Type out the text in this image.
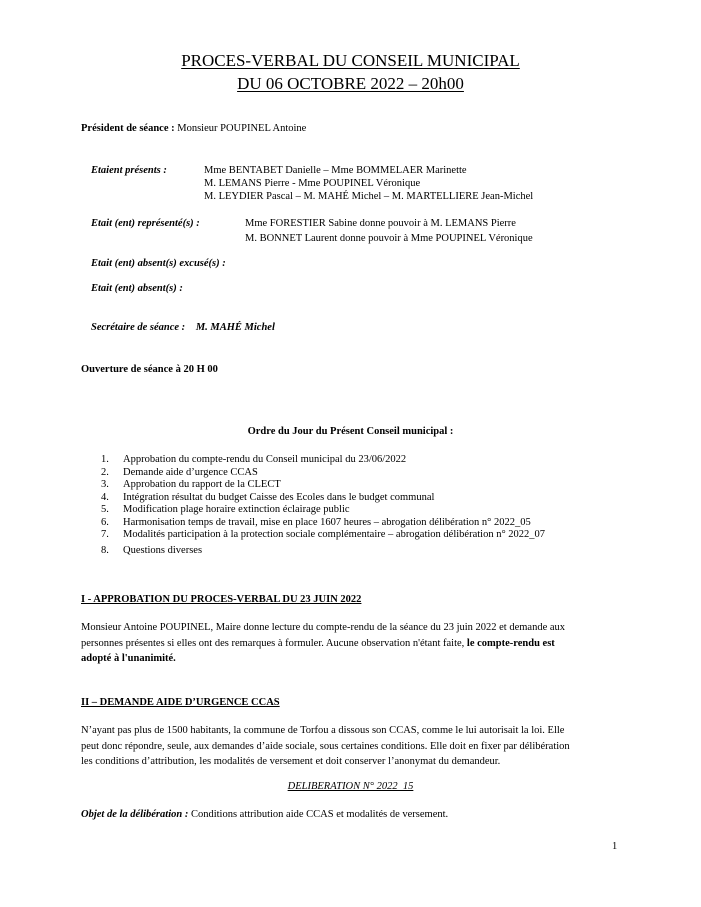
PROCES-VERBAL DU CONSEIL MUNICIPAL
DU 06 OCTOBRE 2022 – 20h00
Président de séance : Monsieur POUPINEL Antoine
Etaient présents :	Mme BENTABET Danielle – Mme BOMMELAER Marinette
M. LEMANS Pierre - Mme POUPINEL Véronique
M. LEYDIER Pascal – M. MAHÉ Michel – M. MARTELLIERE Jean-Michel
Etait (ent) représenté(s) :	Mme FORESTIER Sabine donne pouvoir à M. LEMANS Pierre
M. BONNET Laurent donne pouvoir à Mme POUPINEL Véronique
Etait (ent) absent(s) excusé(s) :
Etait (ent) absent(s) :
Secrétaire de séance : M. MAHÉ Michel
Ouverture de séance à 20 H 00
Ordre du Jour du Présent Conseil municipal :
1. Approbation du compte-rendu du Conseil municipal du 23/06/2022
2. Demande aide d’urgence CCAS
3. Approbation du rapport de la CLECT
4. Intégration résultat du budget Caisse des Ecoles dans le budget communal
5. Modification plage horaire extinction éclairage public
6. Harmonisation temps de travail, mise en place 1607 heures – abrogation délibération n° 2022_05
7. Modalités participation à la protection sociale complémentaire – abrogation délibération n° 2022_07
8. Questions diverses
I - APPROBATION DU PROCES-VERBAL DU 23 JUIN 2022
Monsieur Antoine POUPINEL, Maire donne lecture du compte-rendu de la séance du 23 juin 2022 et demande aux
personnes présentes si elles ont des remarques à formuler. Aucune observation n'étant faite, le compte-rendu est
adopté à l'unanimité.
II – DEMANDE AIDE D’URGENCE CCAS
N’ayant pas plus de 1500 habitants, la commune de Torfou a dissous son CCAS, comme le lui autorisait la loi. Elle
peut donc répondre, seule, aux demandes d’aide sociale, sous certaines conditions. Elle doit en fixer par délibération
les conditions d’attribution, les modalités de versement et doit conserver l’anonymat du demandeur.
DELIBERATION N° 2022_15
Objet de la délibération : Conditions attribution aide CCAS et modalités de versement.
1
